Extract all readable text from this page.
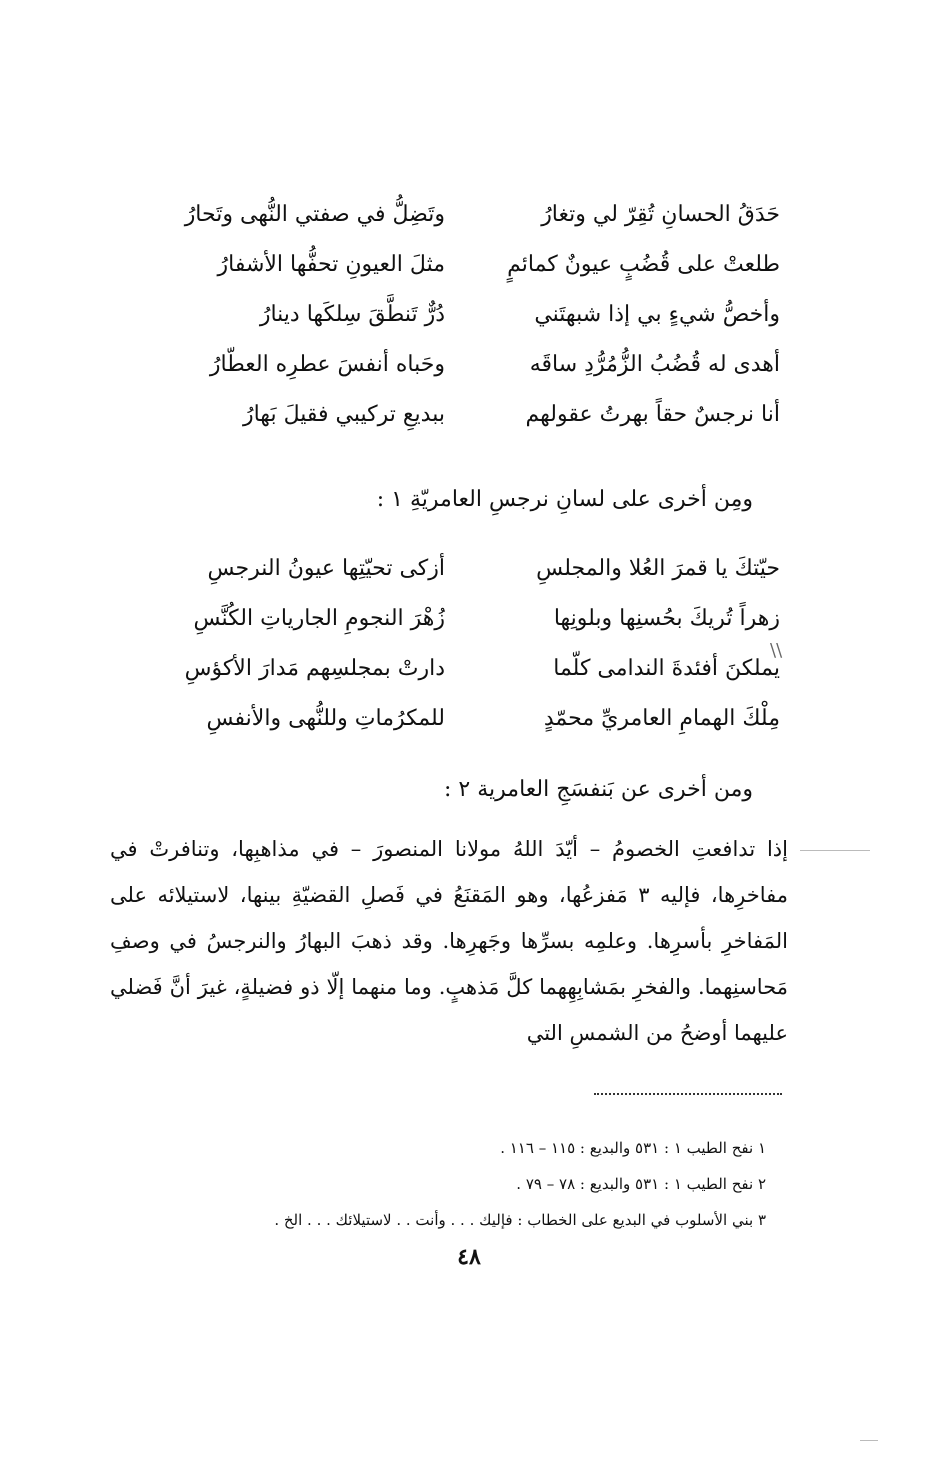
حَدَقُ الحسانِ تُقِرّ لي وتغارُ
وتَضِلُّ في صفتي النُّهى وتَحارُ
طلعتْ على قُضُبٍ عيونٌ كمائمٍ
مثلَ العيونِ تحفُّها الأشفارُ
وأخصُّ شيءٍ بي إذا شبهتَني
دُرٌّ تَنطَّقَ سِلكَها دينارُ
أهدى له قُضُبُ الزُّمُرُّدِ ساقَه
وحَباه أنفسَ عطرِه العطّارُ
أنا نرجسٌ حقاً بهرتُ عقولهم
ببديعِ تركيبي فقيلَ بَهارُ
ومِن أخرى على لسانِ نرجسِ العامريّةِ ١ :
حيّتكَ يا قمرَ العُلا والمجلسِ
أزكى تحيّتِها عيونُ النرجسِ
زهراً تُريكَ بحُسنِها وبلونِها
زُهْرَ النجومِ الجارياتِ الكُنَّسِ
يملكنَ أفئدةَ الندامى كلّما
دارتْ بمجلسِهم مَدارَ الأكؤسِ
مِلْكَ الهمامِ العامريِّ محمّدٍ
للمكرُماتِ وللنُّهى والأنفسِ
\\
ومن أخرى عن بَنفسَجِ العامرية ٢ :

إذا تدافعتِ الخصومُ – أيّدَ اللهُ مولانا المنصورَ – في مذاهبِها، وتنافرتْ في مفاخرِها، فإليه ٣ مَفزعُها، وهو المَقنَعُ في فَصلِ القضيّةِ بينها، لاستيلائه على المَفاخرِ بأسرِها. وعلمِه بسرِّها وجَهرِها. وقد ذهبَ البهارُ والنرجسُ في وصفِ مَحاسنِهما. والفخرِ بمَشابِهِهما كلَّ مَذهبٍ. وما منهما إلّا ذو فضيلةٍ، غيرَ أنَّ فَضلي عليهما أوضحُ من الشمسِ التي

١ نفح الطيب ١ : ٥٣١ والبديع : ١١٥ – ١١٦ .
٢ نفح الطيب ١ : ٥٣١ والبديع : ٧٨ – ٧٩ .
٣ بني الأسلوب في البديع على الخطاب : فإليك . . . وأنت . . لاستيلائك . . . الخ .
٤٨
